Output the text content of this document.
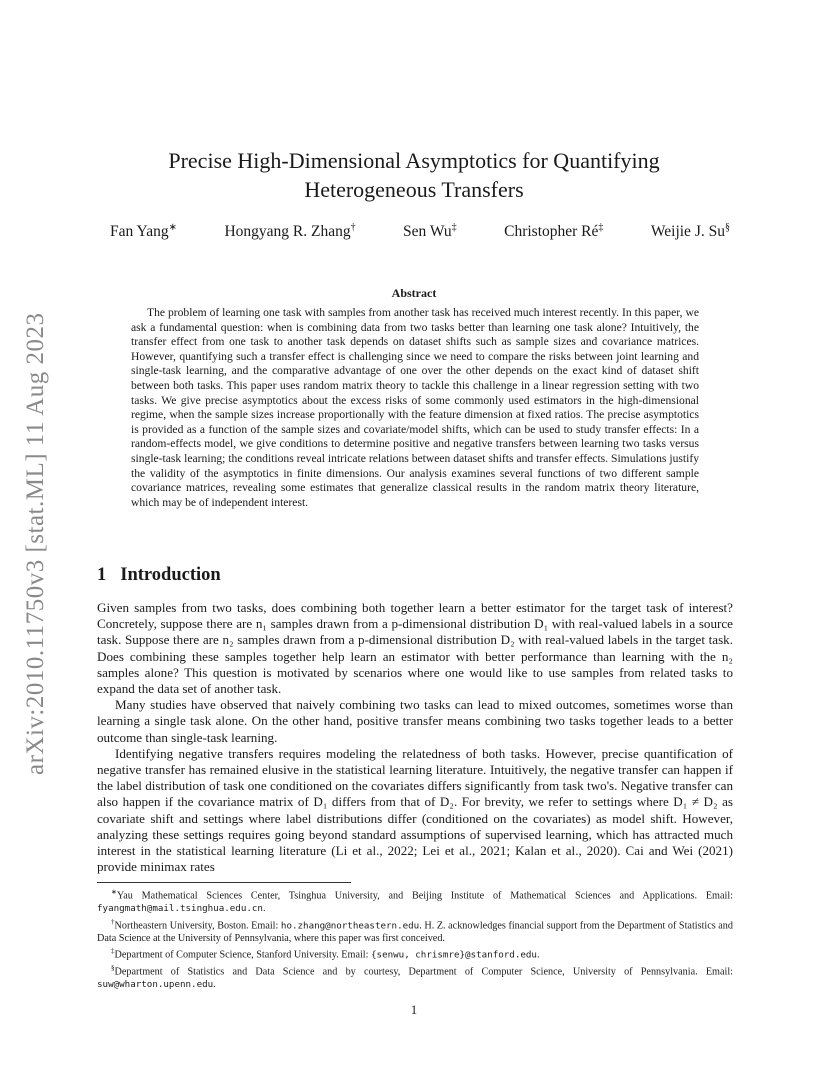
arXiv:2010.11750v3 [stat.ML] 11 Aug 2023
Precise High-Dimensional Asymptotics for Quantifying
Heterogeneous Transfers
Fan Yang∗	Hongyang R. Zhang†	Sen Wu‡	Christopher Ré‡	Weijie J. Su§
Abstract
The problem of learning one task with samples from another task has received much interest recently. In this paper, we ask a fundamental question: when is combining data from two tasks better than learning one task alone? Intuitively, the transfer effect from one task to another task depends on dataset shifts such as sample sizes and covariance matrices. However, quantifying such a transfer effect is challenging since we need to compare the risks between joint learning and single-task learning, and the comparative advantage of one over the other depends on the exact kind of dataset shift between both tasks. This paper uses random matrix theory to tackle this challenge in a linear regression setting with two tasks. We give precise asymptotics about the excess risks of some commonly used estimators in the high-dimensional regime, when the sample sizes increase proportionally with the feature dimension at fixed ratios. The precise asymptotics is provided as a function of the sample sizes and covariate/model shifts, which can be used to study transfer effects: In a random-effects model, we give conditions to determine positive and negative transfers between learning two tasks versus single-task learning; the conditions reveal intricate relations between dataset shifts and transfer effects. Simulations justify the validity of the asymptotics in finite dimensions. Our analysis examines several functions of two different sample covariance matrices, revealing some estimates that generalize classical results in the random matrix theory literature, which may be of independent interest.
1 Introduction

Given samples from two tasks, does combining both together learn a better estimator for the target task of interest? Concretely, suppose there are n₁ samples drawn from a p-dimensional distribution D₁ with real-valued labels in a source task. Suppose there are n₂ samples drawn from a p-dimensional distribution D₂ with real-valued labels in the target task. Does combining these samples together help learn an estimator with better performance than learning with the n₂ samples alone? This question is motivated by scenarios where one would like to use samples from related tasks to expand the data set of another task.

Many studies have observed that naively combining two tasks can lead to mixed outcomes, sometimes worse than learning a single task alone. On the other hand, positive transfer means combining two tasks together leads to a better outcome than single-task learning.

Identifying negative transfers requires modeling the relatedness of both tasks. However, precise quantification of negative transfer has remained elusive in the statistical learning literature. Intuitively, the negative transfer can happen if the label distribution of task one conditioned on the covariates differs significantly from task two's. Negative transfer can also happen if the covariance matrix of D₁ differs from that of D₂. For brevity, we refer to settings where D₁ ≠ D₂ as covariate shift and settings where label distributions differ (conditioned on the covariates) as model shift. However, analyzing these settings requires going beyond standard assumptions of supervised learning, which has attracted much interest in the statistical learning literature (Li et al., 2022; Lei et al., 2021; Kalan et al., 2020). Cai and Wei (2021) provide minimax rates

∗Yau Mathematical Sciences Center, Tsinghua University, and Beijing Institute of Mathematical Sciences and Applications. Email: fyangmath@mail.tsinghua.edu.cn.

†Northeastern University, Boston. Email: ho.zhang@northeastern.edu. H. Z. acknowledges financial support from the Department of Statistics and Data Science at the University of Pennsylvania, where this paper was first conceived.

‡Department of Computer Science, Stanford University. Email: {senwu, chrismre}@stanford.edu.

§Department of Statistics and Data Science and by courtesy, Department of Computer Science, University of Pennsylvania. Email: suw@wharton.upenn.edu.

1
